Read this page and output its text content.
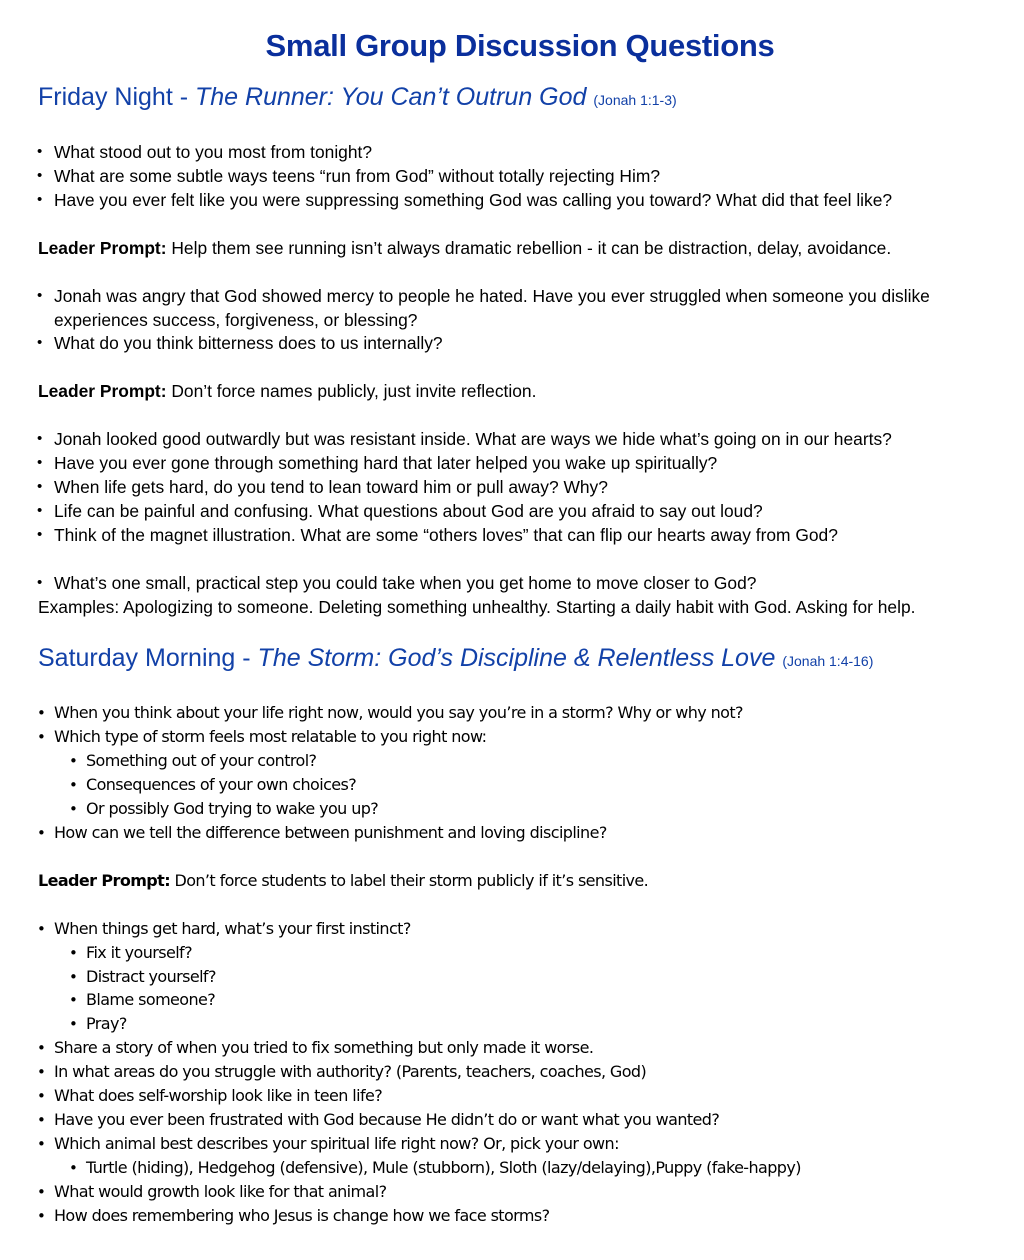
Small Group Discussion Questions
Friday Night - The Runner: You Can’t Outrun God (Jonah 1:1-3)
• What stood out to you most from tonight?
• What are some subtle ways teens “run from God” without totally rejecting Him?
• Have you ever felt like you were suppressing something God was calling you toward? What did that feel like?
Leader Prompt: Help them see running isn’t always dramatic rebellion - it can be distraction, delay, avoidance.
• Jonah was angry that God showed mercy to people he hated. Have you ever struggled when someone you dislike
experiences success, forgiveness, or blessing?
• What do you think bitterness does to us internally?
Leader Prompt: Don’t force names publicly, just invite reflection.
• Jonah looked good outwardly but was resistant inside. What are ways we hide what’s going on in our hearts?
• Have you ever gone through something hard that later helped you wake up spiritually?
• When life gets hard, do you tend to lean toward him or pull away? Why?
• Life can be painful and confusing. What questions about God are you afraid to say out loud?
• Think of the magnet illustration. What are some “others loves” that can flip our hearts away from God?
• What’s one small, practical step you could take when you get home to move closer to God?
Examples: Apologizing to someone. Deleting something unhealthy. Starting a daily habit with God. Asking for help.
Saturday Morning - The Storm: God’s Discipline & Relentless Love (Jonah 1:4-16)
• When you think about your life right now, would you say you’re in a storm? Why or why not?
• Which type of storm feels most relatable to you right now:
• Something out of your control?
• Consequences of your own choices?
• Or possibly God trying to wake you up?
• How can we tell the difference between punishment and loving discipline?
Leader Prompt: Don’t force students to label their storm publicly if it’s sensitive.
• When things get hard, what’s your first instinct?
• Fix it yourself?
• Distract yourself?
• Blame someone?
• Pray?
• Share a story of when you tried to fix something but only made it worse.
• In what areas do you struggle with authority? (Parents, teachers, coaches, God)
• What does self-worship look like in teen life?
• Have you ever been frustrated with God because He didn’t do or want what you wanted?
• Which animal best describes your spiritual life right now? Or, pick your own:
• Turtle (hiding), Hedgehog (defensive), Mule (stubborn), Sloth (lazy/delaying),Puppy (fake-happy)
• What would growth look like for that animal?
• How does remembering who Jesus is change how we face storms?
